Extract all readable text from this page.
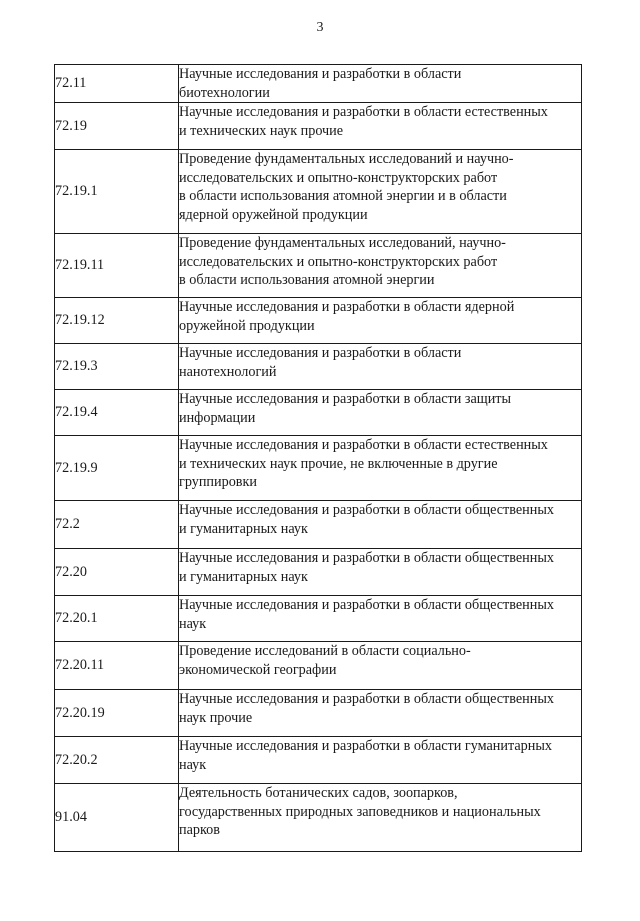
3
72.11	Научные исследования и разработки в области
биотехнологии

72.19	Научные исследования и разработки в области естественных
и технических наук прочие

72.19.1	Проведение фундаментальных исследований и научно-
исследовательских и опытно-конструкторских работ
в области использования атомной энергии и в области
ядерной оружейной продукции

72.19.11	Проведение фундаментальных исследований, научно-
исследовательских и опытно-конструкторских работ
в области использования атомной энергии

72.19.12	Научные исследования и разработки в области ядерной
оружейной продукции

72.19.3	Научные исследования и разработки в области
нанотехнологий

72.19.4	Научные исследования и разработки в области защиты
информации

72.19.9	Научные исследования и разработки в области естественных
и технических наук прочие, не включенные в другие
группировки

72.2	Научные исследования и разработки в области общественных
и гуманитарных наук

72.20	Научные исследования и разработки в области общественных
и гуманитарных наук

72.20.1	Научные исследования и разработки в области общественных
наук

72.20.11	Проведение исследований в области социально-
экономической географии

72.20.19	Научные исследования и разработки в области общественных
наук прочие

72.20.2	Научные исследования и разработки в области гуманитарных
наук

91.04	Деятельность ботанических садов, зоопарков,
государственных природных заповедников и национальных
парков
